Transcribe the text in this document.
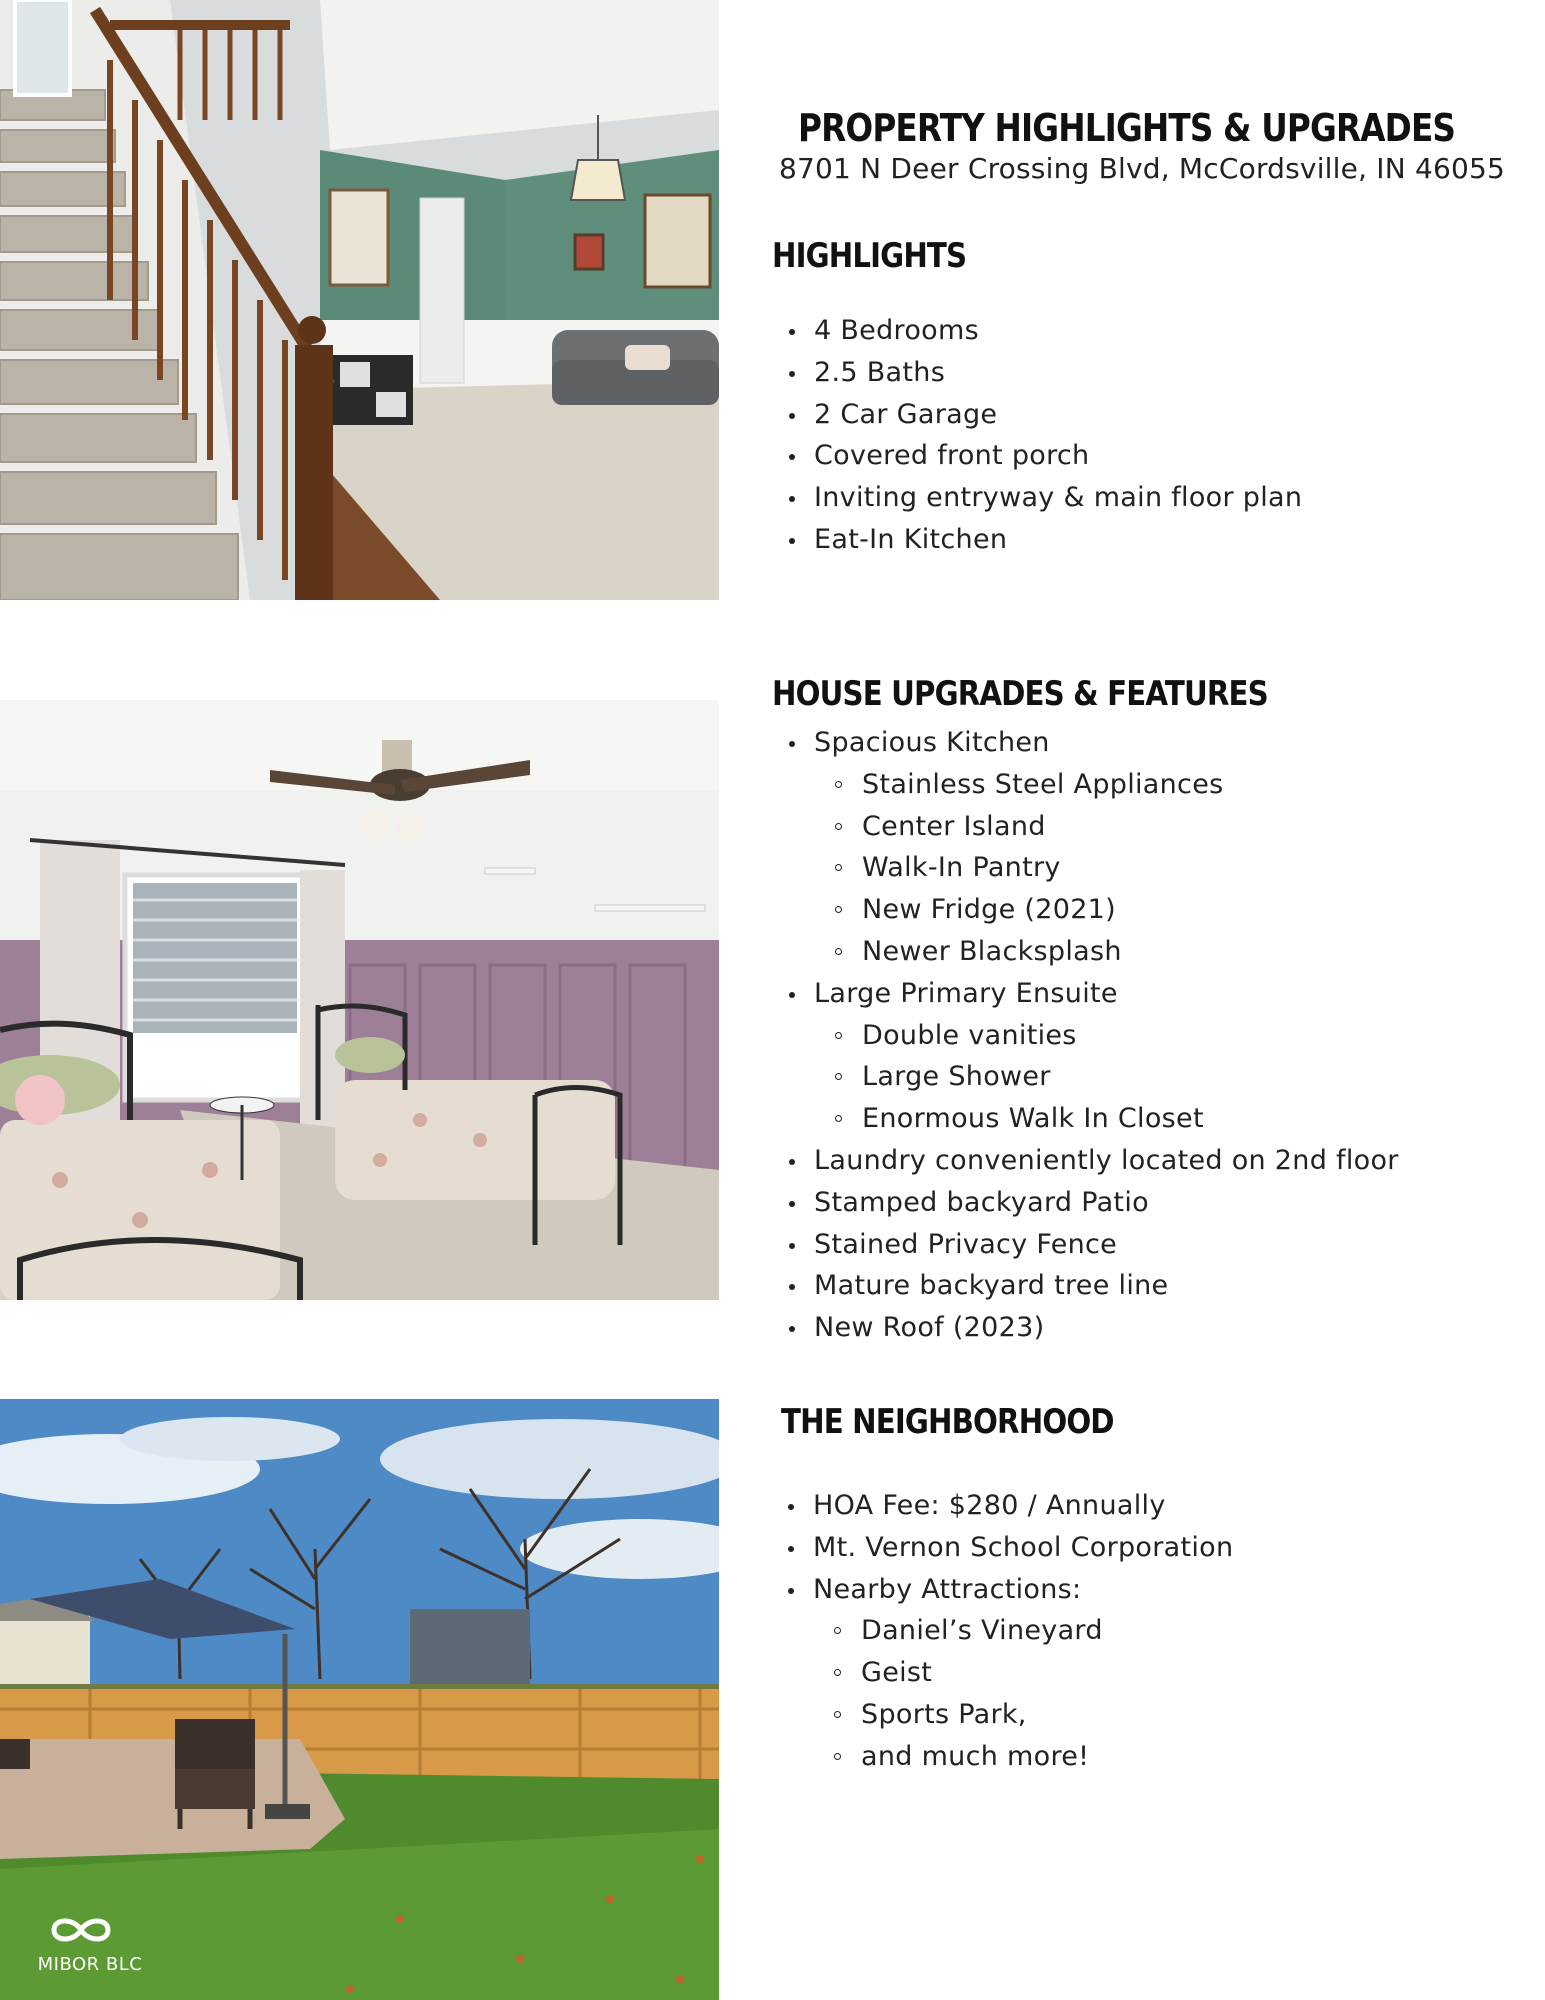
MIBOR BLC
PROPERTY HIGHLIGHTS & UPGRADES

8701 N Deer Crossing Blvd, McCordsville, IN 46055

HIGHLIGHTS
4 Bedrooms
2.5 Baths
2 Car Garage
Covered front porch
Inviting entryway & main floor plan
Eat-In Kitchen
HOUSE UPGRADES & FEATURES
Spacious Kitchen
Stainless Steel Appliances
Center Island
Walk-In Pantry
New Fridge (2021)
Newer Blacksplash
Large Primary Ensuite
Double vanities
Large Shower
Enormous Walk In Closet
Laundry conveniently located on 2nd floor
Stamped backyard Patio
Stained Privacy Fence
Mature backyard tree line
New Roof (2023)
THE NEIGHBORHOOD
HOA Fee: $280 / Annually
Mt. Vernon School Corporation
Nearby Attractions:
Daniel’s Vineyard
Geist
Sports Park,
and much more!
